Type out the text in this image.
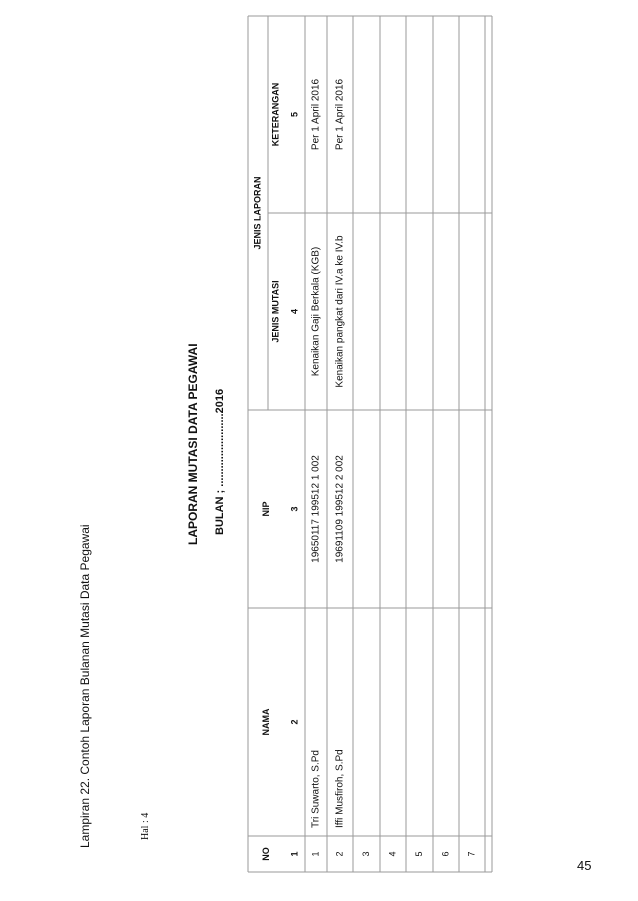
Lampiran 22. Contoh Laporan Bulanan Mutasi Data Pegawai	Hal : 4
LAPORAN MUTASI DATA PEGAWAI BULAN ; ........................2016
45
JENIS LAPORAN
KETERANGAN
JENIS MUTASI
NIP
NAMA
NO 1
2
3
4
5
1
Tri Suwarto, S.Pd
19650117 199512 1 002
Kenaikan Gaji Berkala (KGB)
Per 1 April 2016
2
Iffi Musfiroh, S.Pd
19691109 199512 2 002
Kenaikan pangkat dari IV.a ke IV.b
Per 1 April 2016
3 4 5 6 7
